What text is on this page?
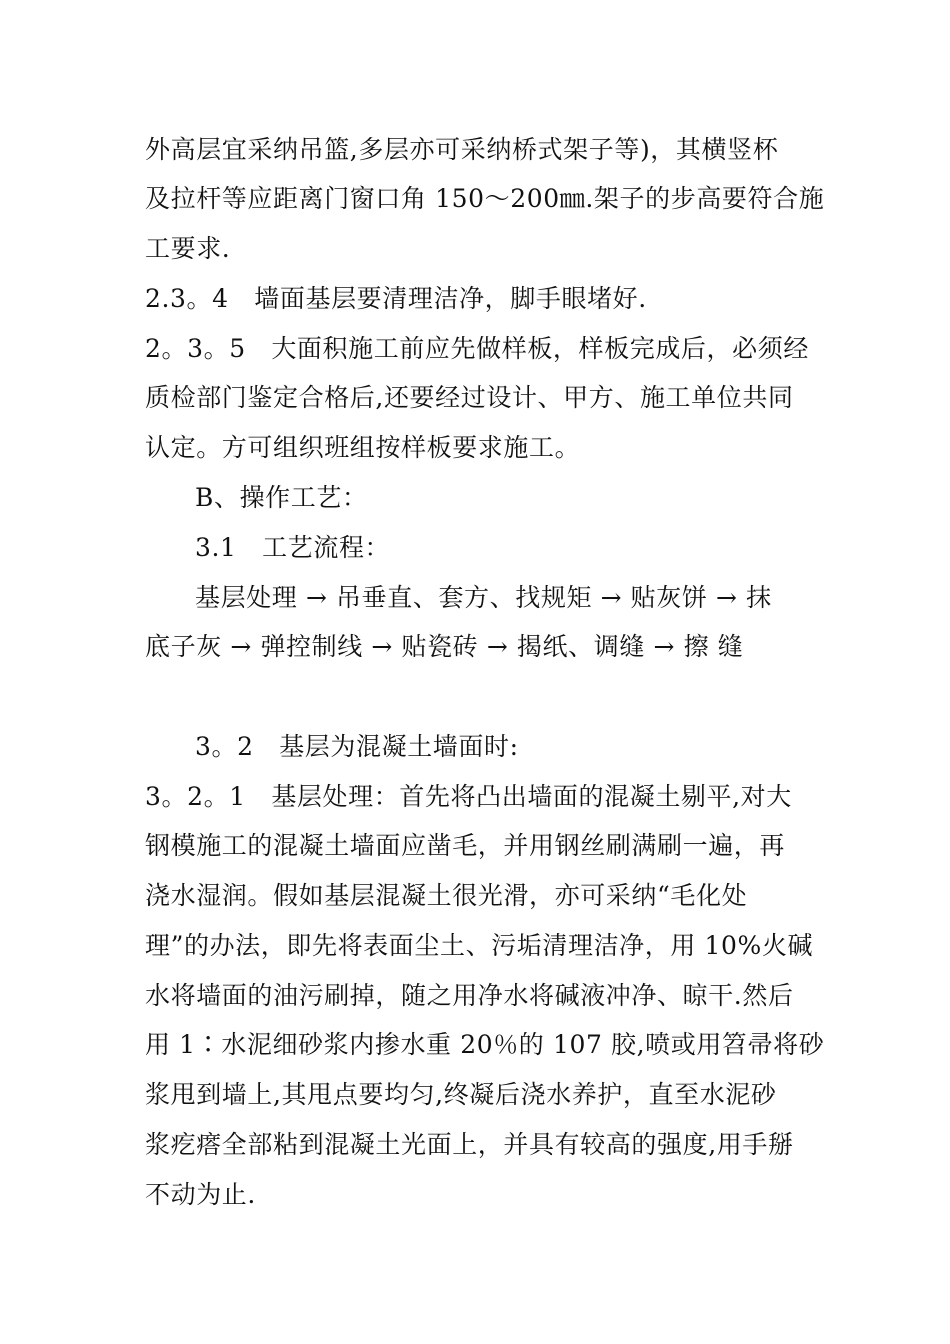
外高层宜采纳吊篮,多层亦可采纳桥式架子等)，其横竖杯
及拉杆等应距离门窗口角 150～200㎜.架子的步高要符合施
工要求.
2.3。4　墙面基层要清理洁净，脚手眼堵好.
2。3。5　大面积施工前应先做样板，样板完成后，必须经
质检部门鉴定合格后,还要经过设计、甲方、施工单位共同
认定。方可组织班组按样板要求施工。
B、操作工艺：
3.1　工艺流程：
基层处理 → 吊垂直、套方、找规矩 → 贴灰饼 → 抹
底子灰 → 弹控制线 → 贴瓷砖 → 揭纸、调缝 → 擦 缝
3。2　基层为混凝土墙面时:
3。2。1　基层处理：首先将凸出墙面的混凝土剔平,对大
钢模施工的混凝土墙面应凿毛，并用钢丝刷满刷一遍，再
浇水湿润。假如基层混凝土很光滑，亦可采纳“毛化处
理”的办法，即先将表面尘土、污垢清理洁净，用 10%火碱
水将墙面的油污刷掉，随之用净水将碱液冲净、晾干.然后
用 1∶水泥细砂浆内掺水重 20％的 107 胶,喷或用笤帚将砂
浆甩到墙上,其甩点要均匀,终凝后浇水养护，直至水泥砂
浆疙瘩全部粘到混凝土光面上，并具有较高的强度,用手掰
不动为止.
